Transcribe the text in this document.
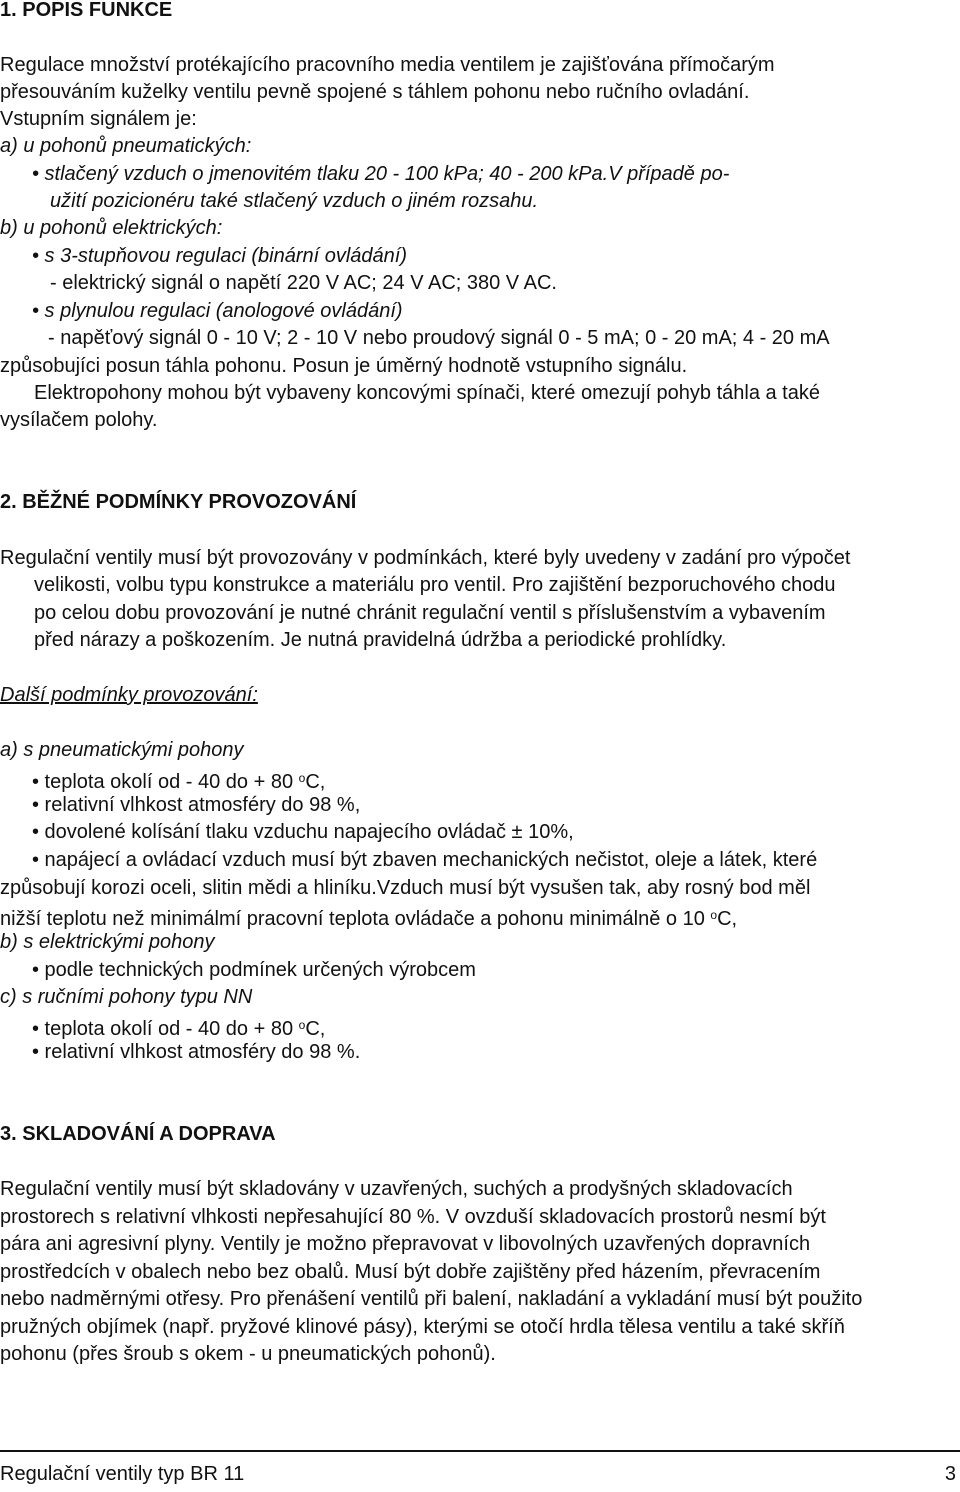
1. POPIS FUNKCE
Regulace množství protékajícího pracovního media ventilem je zajišťována přímočarým
přesouváním kuželky ventilu pevně spojené s táhlem pohonu nebo ručního ovladání.
Vstupním signálem je:
a) u pohonů pneumatických:
• stlačený vzduch o jmenovitém tlaku 20 - 100 kPa; 40 - 200 kPa.V případě po-
užití pozicionéru také stlačený vzduch o jiném rozsahu.
b) u pohonů elektrických:
• s 3-stupňovou regulaci (binární ovládání)
- elektrický signál o napětí 220 V AC; 24 V AC; 380 V AC.
• s plynulou regulaci (anologové ovládání)
- napěťový signál 0 - 10 V; 2 - 10 V nebo proudový signál 0 - 5 mA; 0 - 20 mA; 4 - 20 mA
způsobujíci posun táhla pohonu. Posun je úměrný hodnotě vstupního signálu.
Elektropohony mohou být vybaveny koncovými spínači, které omezují pohyb táhla a také
vysílačem polohy.
2. BĚŽNÉ PODMÍNKY PROVOZOVÁNÍ
Regulační ventily musí být provozovány v podmínkách, které byly uvedeny v zadání pro výpočet
velikosti, volbu typu konstrukce a materiálu pro ventil. Pro zajištění bezporuchového chodu
po celou dobu provozování je nutné chránit regulační ventil s příslušenstvím a vybavením
před nárazy a poškozením. Je nutná pravidelná údržba a periodické prohlídky.
Další podmínky provozování:
a) s pneumatickými pohony
• teplota okolí od - 40 do + 80 $^o$C,
• relativní vlhkost atmosféry do 98 %,
• dovolené kolísání tlaku vzduchu napajecího ovládač ± 10%,
• napájecí a ovládací vzduch musí být zbaven mechanických nečistot, oleje a látek, které
způsobují korozi oceli, slitin mědi a hliníku.Vzduch musí být vysušen tak, aby rosný bod měl
nižší teplotu než minimálmí pracovní teplota ovládače a pohonu minimálně o 10 $^o$C,
b) s elektrickými pohony
• podle technických podmínek určených výrobcem
c) s ručními pohony typu NN
• teplota okolí od - 40 do + 80 $^o$C,
• relativní vlhkost atmosféry do 98 %.
3. SKLADOVÁNÍ A DOPRAVA
Regulační ventily musí být skladovány v uzavřených, suchých a prodyšných skladovacích
prostorech s relativní vlhkosti nepřesahující 80 %. V ovzduší skladovacích prostorů nesmí být
pára ani agresivní plyny. Ventily je možno přepravovat v libovolných uzavřených dopravních
prostředcích v obalech nebo bez obalů. Musí být dobře zajištěny před házením, převracením
nebo nadměrnými otřesy. Pro přenášení ventilů při balení, nakladání a vykladání musí být použito
pružných objímek (např. pryžové klinové pásy), kterými se otočí hrdla tělesa ventilu a také skříň
pohonu (přes šroub s okem - u pneumatických pohonů).
Regulační ventily typ BR 11	3
